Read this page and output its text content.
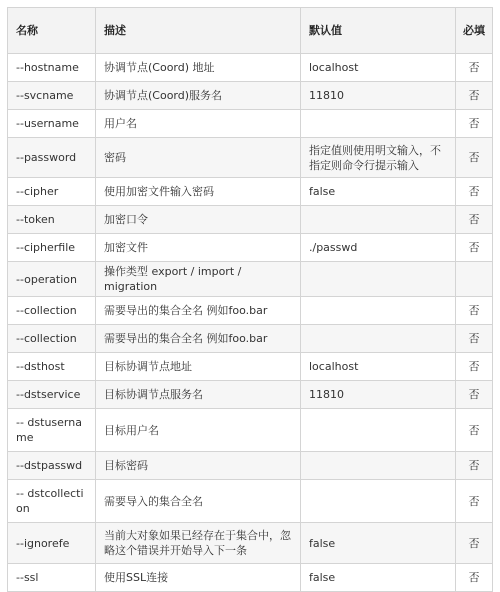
名称	描述	默认值	必填
--hostname	协调节点(Coord) 地址	localhost	否
--svcname	协调节点(Coord)服务名	11810	否
--username	用户名		否
--password	密码	指定值则使用明文输入，不指定则命令行提示输入	否
--cipher	使用加密文件输入密码	false	否
--token	加密口令		否
--cipherfile	加密文件	./passwd	否
--operation	操作类型 export / import / migration		
--collection	需要导出的集合全名 例如foo.bar		否
--collection	需要导出的集合全名 例如foo.bar		否
--dsthost	目标协调节点地址	localhost	否
--dstservice	目标协调节点服务名	11810	否
-- dstusername	目标用户名		否
--dstpasswd	目标密码		否
-- dstcollection	需要导入的集合全名		否
--ignorefe	当前大对象如果已经存在于集合中，忽略这个错误并开始导入下一条	false	否
--ssl	使用SSL连接	false	否
